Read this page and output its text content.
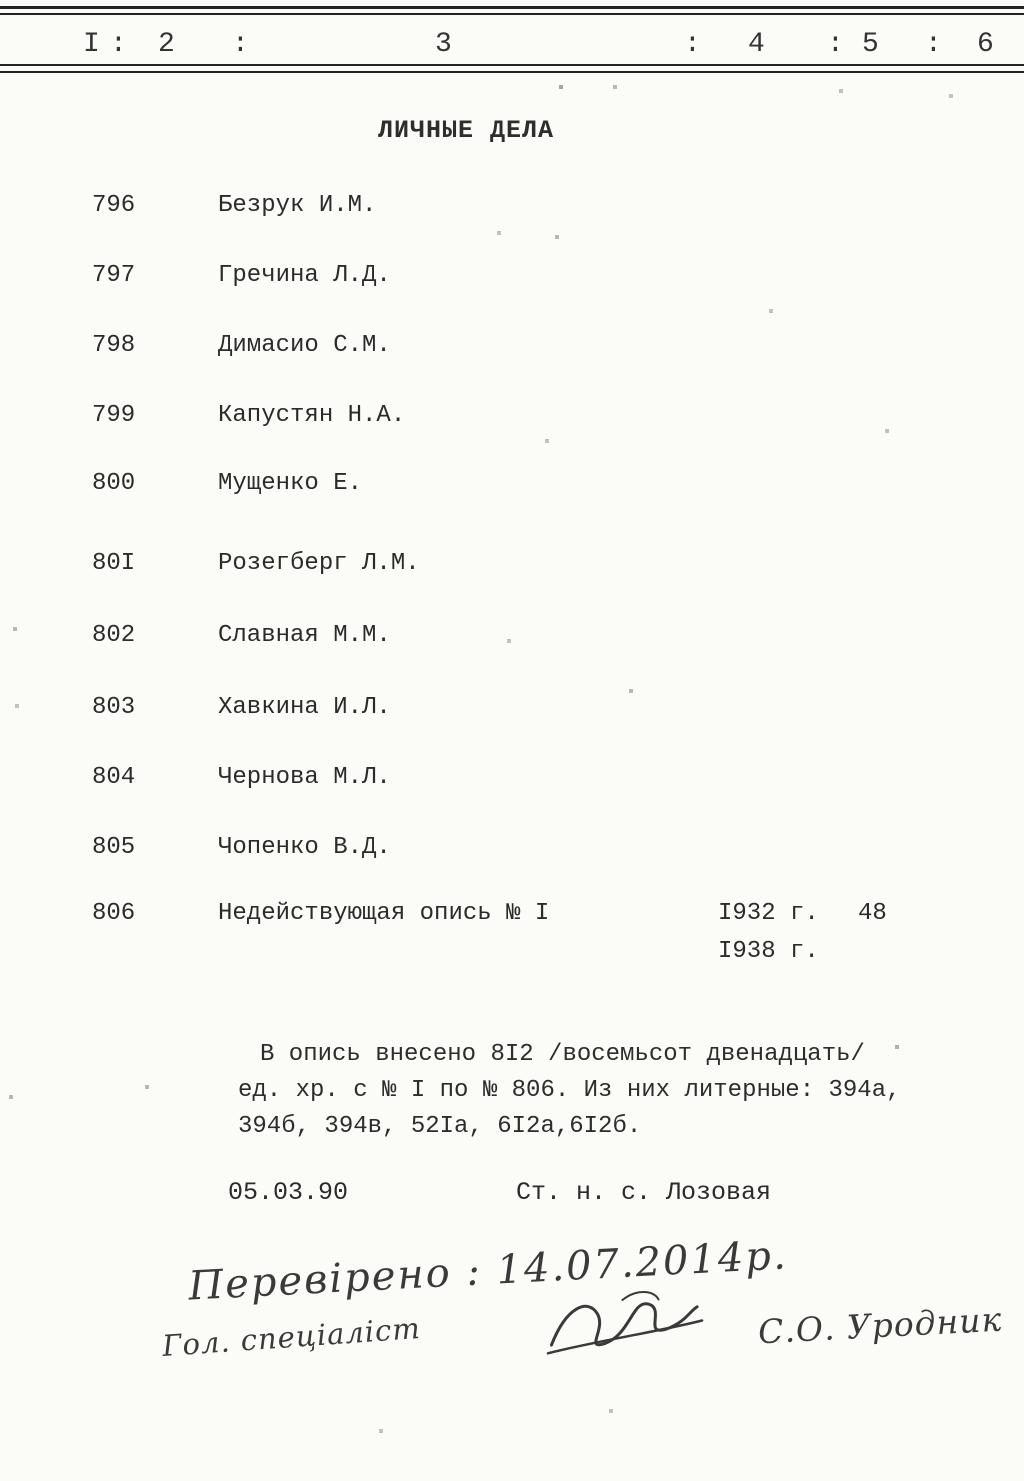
I : 2 :	3	: 4 : 5 : 6
ЛИЧНЫЕ ДЕЛА
796	Безрук И.М.
797	Гречина Л.Д.
798	Димасио С.М.
799	Капустян Н.А.
800	Мущенко Е.
80I	Розегберг Л.М.
802	Славная М.М.
803	Хавкина И.Л.
804	Чернова М.Л.
805	Чопенко В.Д.
806	Недействующая опись № I	I932 г. 48
I938 г.
В опись внесено 8I2 /восемьсот двенадцать/
ед. хр. с № I по № 806. Из них литерные: 394а,
394б, 394в, 52Iа, 6I2а,6I2б.
05.03.90	Ст. н. с. Лозовая
Перевірено : 14.07.2014р.
Гол. спеціаліст	С.О. Уродник
